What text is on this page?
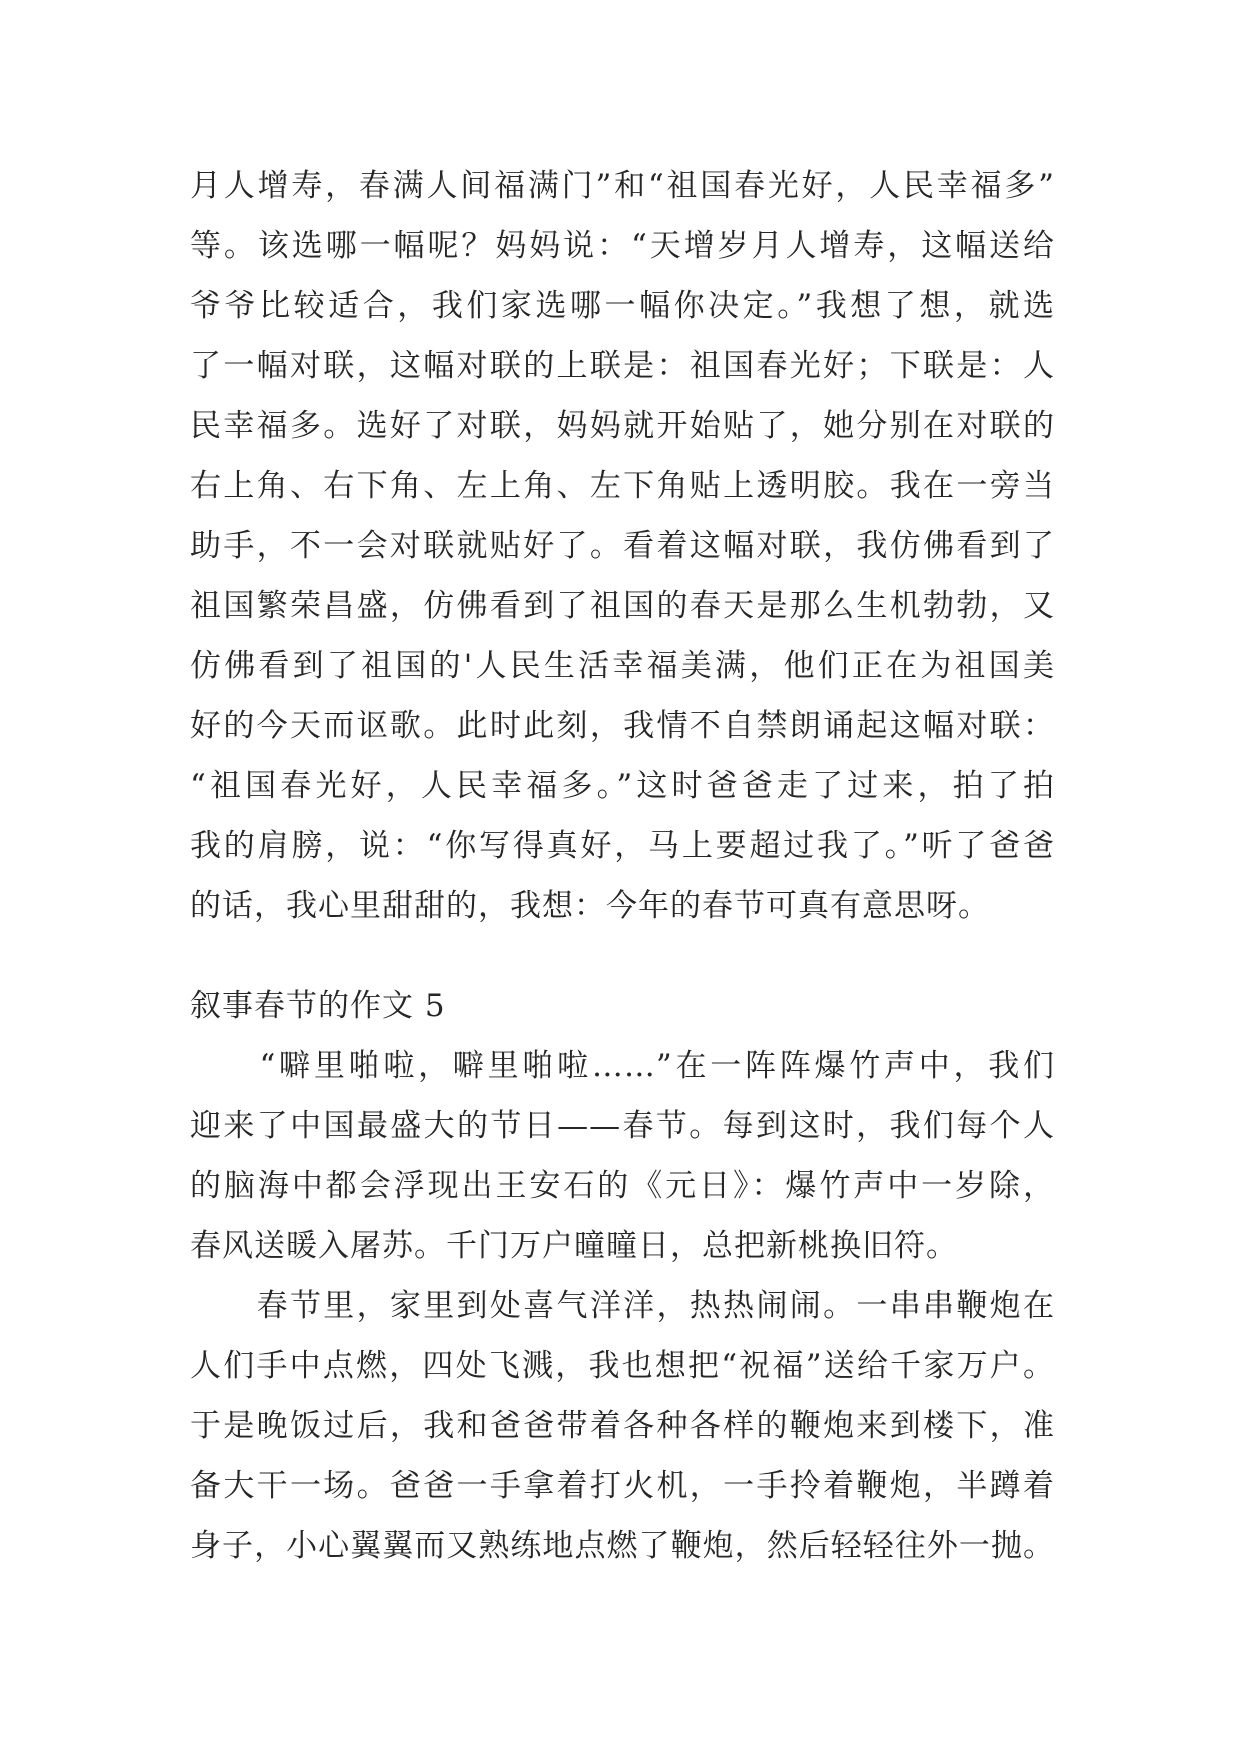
月人增寿，春满人间福满门”和“祖国春光好，人民幸福多”
等。该选哪一幅呢？妈妈说：“天增岁月人增寿，这幅送给
爷爷比较适合，我们家选哪一幅你决定。”我想了想，就选
了一幅对联，这幅对联的上联是：祖国春光好；下联是：人
民幸福多。选好了对联，妈妈就开始贴了，她分别在对联的
右上角、右下角、左上角、左下角贴上透明胶。我在一旁当
助手，不一会对联就贴好了。看着这幅对联，我仿佛看到了
祖国繁荣昌盛，仿佛看到了祖国的春天是那么生机勃勃，又
仿佛看到了祖国的'人民生活幸福美满，他们正在为祖国美
好的今天而讴歌。此时此刻，我情不自禁朗诵起这幅对联：
“祖国春光好，人民幸福多。”这时爸爸走了过来，拍了拍
我的肩膀，说：“你写得真好，马上要超过我了。”听了爸爸
的话，我心里甜甜的，我想：今年的春节可真有意思呀。
叙事春节的作文 5
　　“噼里啪啦，噼里啪啦……”在一阵阵爆竹声中，我们
迎来了中国最盛大的节日——春节。每到这时，我们每个人
的脑海中都会浮现出王安石的《元日》：爆竹声中一岁除，
春风送暖入屠苏。千门万户曈曈日，总把新桃换旧符。
　　春节里，家里到处喜气洋洋，热热闹闹。一串串鞭炮在
人们手中点燃，四处飞溅，我也想把“祝福”送给千家万户。
于是晚饭过后，我和爸爸带着各种各样的鞭炮来到楼下，准
备大干一场。爸爸一手拿着打火机，一手拎着鞭炮，半蹲着
身子，小心翼翼而又熟练地点燃了鞭炮，然后轻轻往外一抛。
